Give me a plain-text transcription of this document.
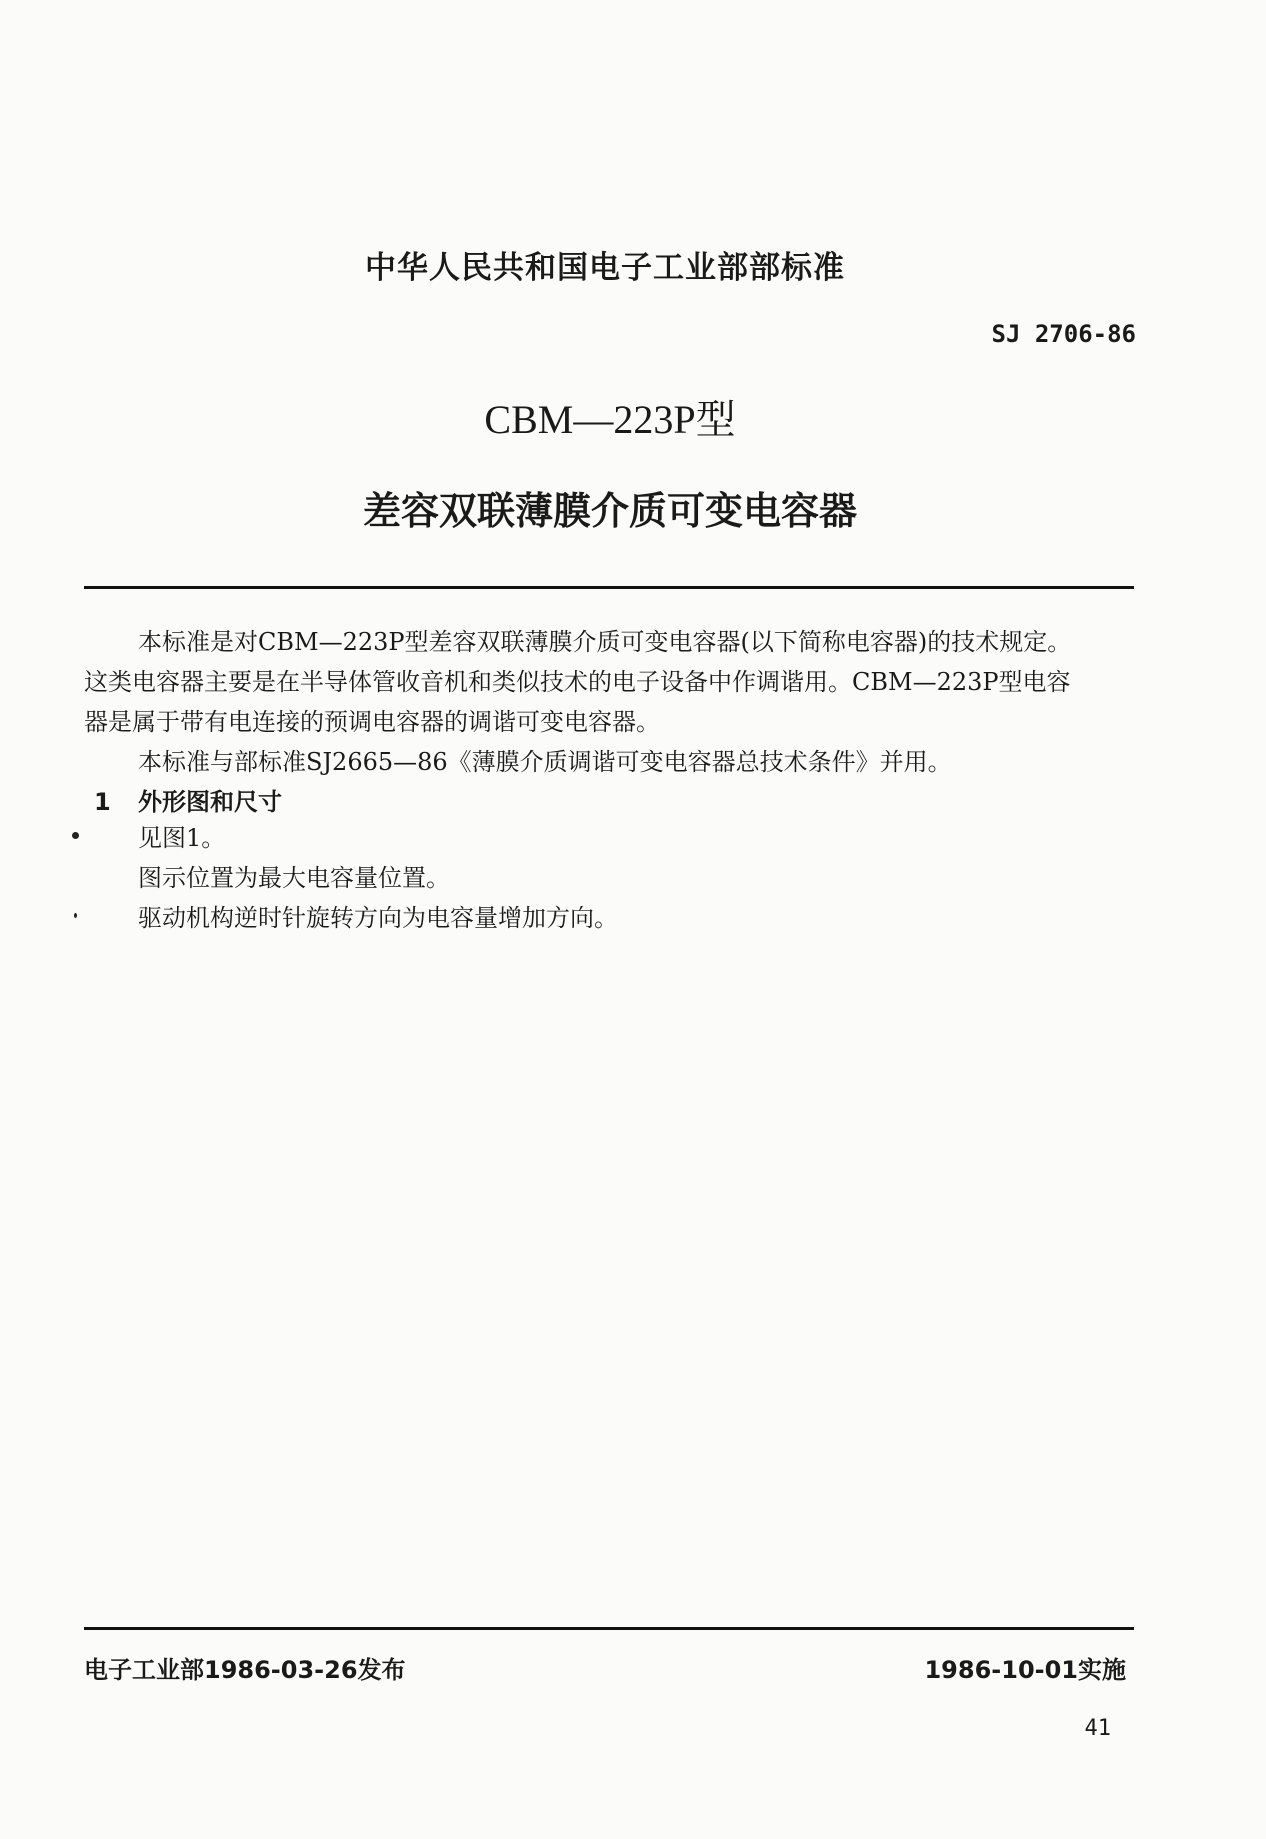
中华人民共和国电子工业部部标准
SJ 2706-86
CBM—223P型
差容双联薄膜介质可变电容器

本标准是对CBM—223P型差容双联薄膜介质可变电容器(以下简称电容器)的技术规定。

这类电容器主要是在半导体管收音机和类似技术的电子设备中作调谐用。CBM—223P型电容

器是属于带有电连接的预调电容器的调谐可变电容器。

本标准与部标准SJ2665—86《薄膜介质调谐可变电容器总技术条件》并用。

1 外形图和尺寸

见图1。

图示位置为最大电容量位置。

驱动机构逆时针旋转方向为电容量增加方向。

电子工业部1986-03-26发布	1986-10-01实施
41
